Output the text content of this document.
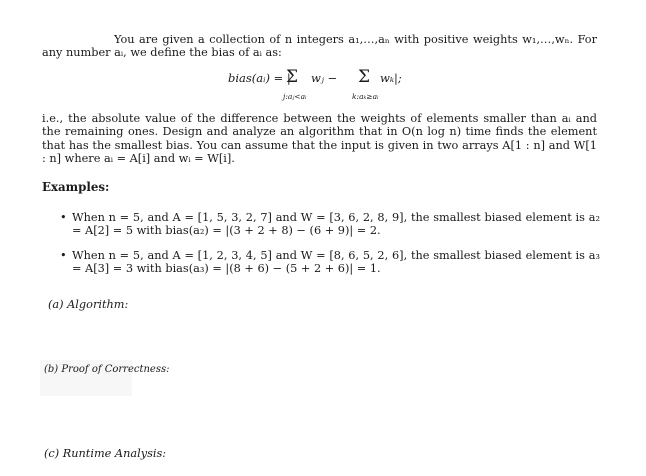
You are given a collection of n integers a₁,…,aₙ with positive weights w₁,…,wₙ. For any number aᵢ, we define the bias of aᵢ as:
bias(aᵢ) = |
Σ wⱼ − Σ wₖ|;
j:aⱼ<aᵢ	k:aₖ≥aᵢ
i.e., the absolute value of the difference between the weights of elements smaller than aᵢ and the remaining ones. Design and analyze an algorithm that in O(n log n) time finds the element that has the smallest bias. You can assume that the input is given in two arrays A[1 : n] and W[1 : n] where aᵢ = A[i] and wᵢ = W[i].
Examples:
• When n = 5, and A = [1, 5, 3, 2, 7] and W = [3, 6, 2, 8, 9], the smallest biased element is a₂ = A[2] = 5 with bias(a₂) = |(3 + 2 + 8) − (6 + 9)| = 2.
• When n = 5, and A = [1, 2, 3, 4, 5] and W = [8, 6, 5, 2, 6], the smallest biased element is a₃ = A[3] = 3 with bias(a₃) = |(8 + 6) − (5 + 2 + 6)| = 1.
(a) Algorithm:
(b) Proof of Correctness:
(c) Runtime Analysis:
